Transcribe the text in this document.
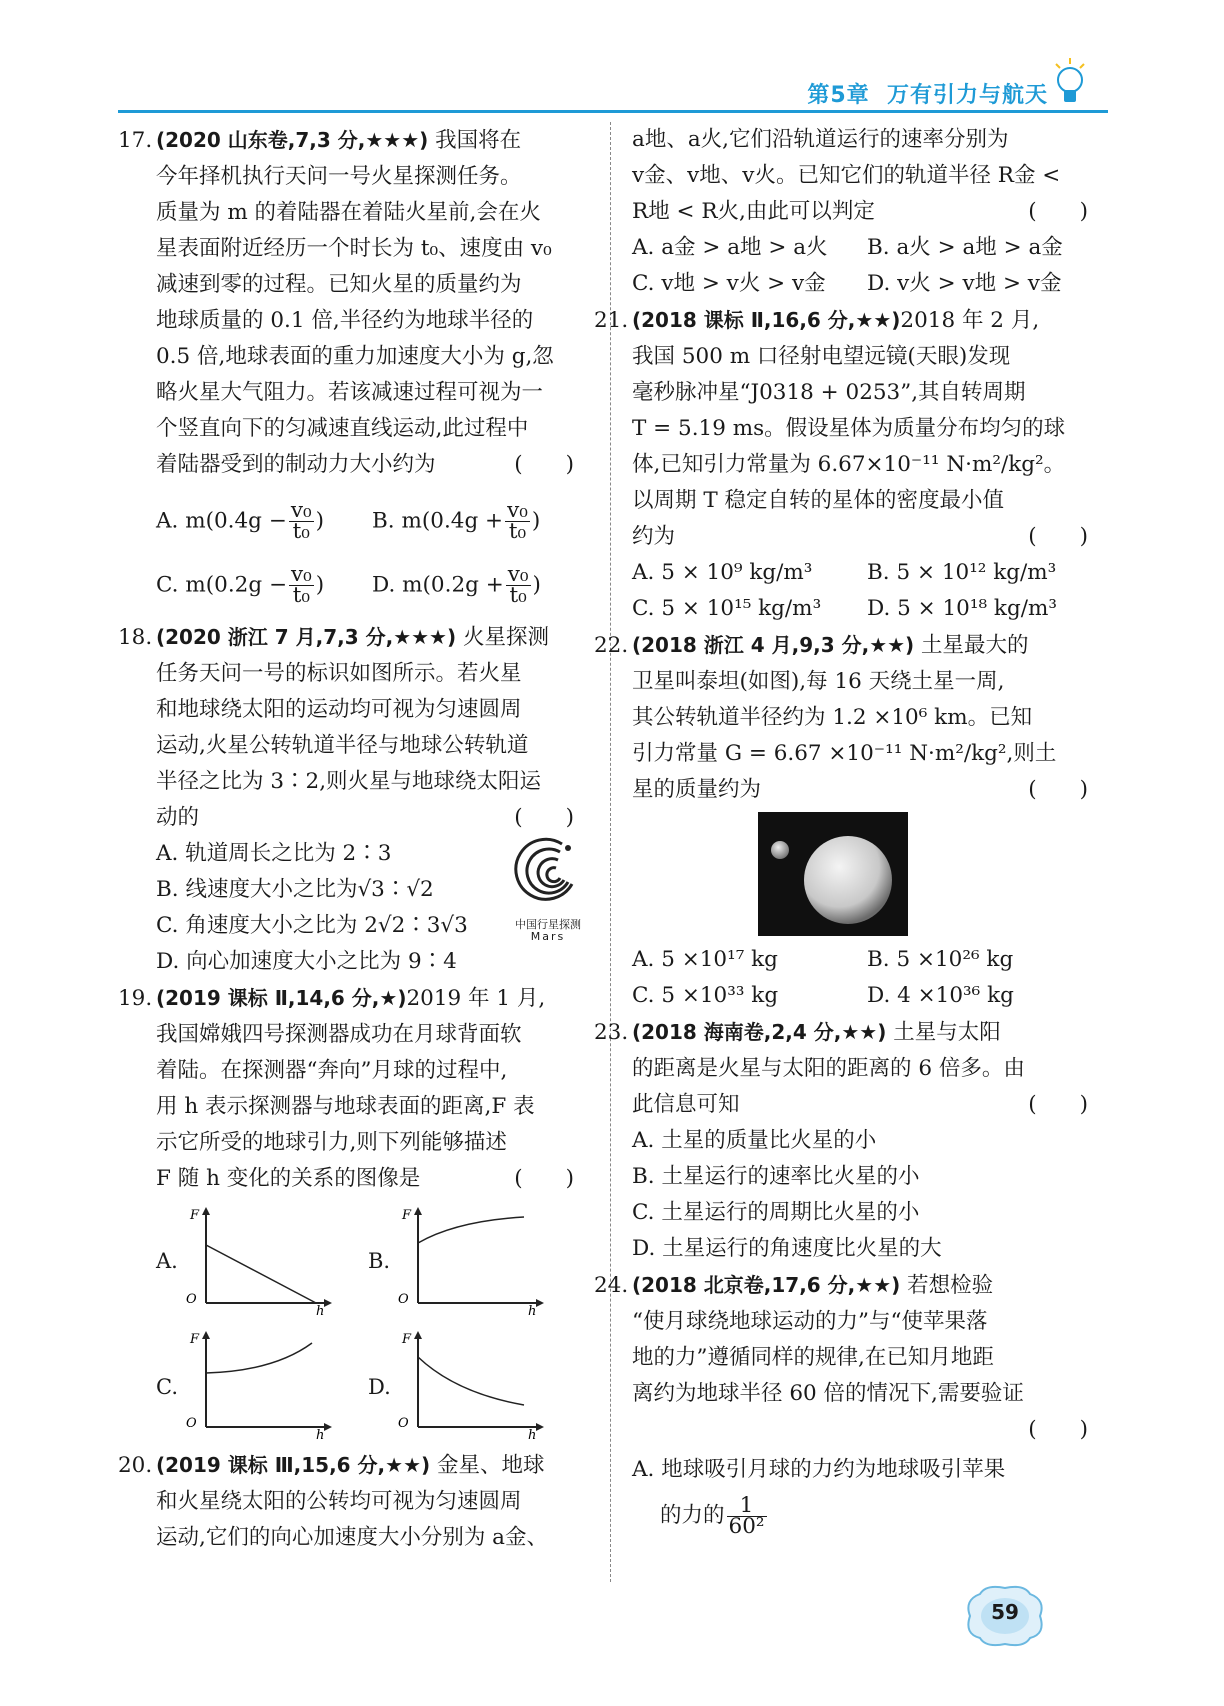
第5章 万有引力与航天
17. (2020 山东卷,7,3 分,★★★) 我国将在
今年择机执行天问一号火星探测任务。
质量为 m 的着陆器在着陆火星前,会在火
星表面附近经历一个时长为 t₀、速度由 v₀
减速到零的过程。已知火星的质量约为
地球质量的 0.1 倍,半径约为地球半径的
0.5 倍,地球表面的重力加速度大小为 g,忽
略火星大气阻力。若该减速过程可视为一
个竖直向下的匀减速直线运动,此过程中
着陆器受到的制动力大小约为	(　　)
A. $m(0.4g - \frac{\text{v₀}}{\text{t₀}}$ )	B. $m(0.4g + \frac{\text{v₀}}{\text{t₀}}$ )
C. $m(0.2g - \frac{\text{v₀}}{\text{t₀}}$ )	D. $m(0.2g + \frac{\text{v₀}}{\text{t₀}}$ )
18. (2020 浙江 7 月,7,3 分,★★★) 火星探测
任务天问一号的标识如图所示。若火星
和地球绕太阳的运动均可视为匀速圆周
运动,火星公转轨道半径与地球公转轨道
半径之比为 3∶2,则火星与地球绕太阳运
动的	(　　)
A. 轨道周长之比为 2∶3
B. 线速度大小之比为√3∶√2
C. 角速度大小之比为 2√2∶3√3
D. 向心加速度大小之比为 9∶4
中国行星探测
Mars
19. (2019 课标 Ⅱ,14,6 分,★)2019 年 1 月,
我国嫦娥四号探测器成功在月球背面软
着陆。在探测器“奔向”月球的过程中,
用 h 表示探测器与地球表面的距离,F 表
示它所受的地球引力,则下列能够描述
F 随 h 变化的关系的图像是	(　　)
A.
F
h
O
B.
F
h
O
C.
F
h
O
D.
F
h
O
20. (2019 课标 Ⅲ,15,6 分,★★) 金星、地球
和火星绕太阳的公转均可视为匀速圆周
运动,它们的向心加速度大小分别为 a金、
a地、a火,它们沿轨道运行的速率分别为
v金、v地、v火。已知它们的轨道半径 R金 <
R地 < R火,由此可以判定	(　　)
A. a金 > a地 > a火	B. a火 > a地 > a金
C. v地 > v火 > v金	D. v火 > v地 > v金
21. (2018 课标 Ⅱ,16,6 分,★★)2018 年 2 月,
我国 500 m 口径射电望远镜(天眼)发现
毫秒脉冲星“J0318 + 0253”,其自转周期
T = 5.19 ms。假设星体为质量分布均匀的球
体,已知引力常量为 6.67×10⁻¹¹ N·m²/kg²。
以周期 T 稳定自转的星体的密度最小值
约为	(　　)
A. 5 × 10⁹ kg/m³	B. 5 × 10¹² kg/m³
C. 5 × 10¹⁵ kg/m³	D. 5 × 10¹⁸ kg/m³
22. (2018 浙江 4 月,9,3 分,★★) 土星最大的
卫星叫泰坦(如图),每 16 天绕土星一周,
其公转轨道半径约为 1.2 ×10⁶ km。已知
引力常量 G = 6.67 ×10⁻¹¹ N·m²/kg²,则土
星的质量约为	(　　)
A. 5 ×10¹⁷ kg	B. 5 ×10²⁶ kg
C. 5 ×10³³ kg	D. 4 ×10³⁶ kg
23. (2018 海南卷,2,4 分,★★) 土星与太阳
的距离是火星与太阳的距离的 6 倍多。由
此信息可知	(　　)
A. 土星的质量比火星的小
B. 土星运行的速率比火星的小
C. 土星运行的周期比火星的小
D. 土星运行的角速度比火星的大
24. (2018 北京卷,17,6 分,★★) 若想检验
“使月球绕地球运动的力”与“使苹果落
地的力”遵循同样的规律,在已知月地距
离约为地球半径 60 倍的情况下,需要验证
(　　)
A. 地球吸引月球的力约为地球吸引苹果
的力的 $\frac{1}{\text{60²}}$
59
